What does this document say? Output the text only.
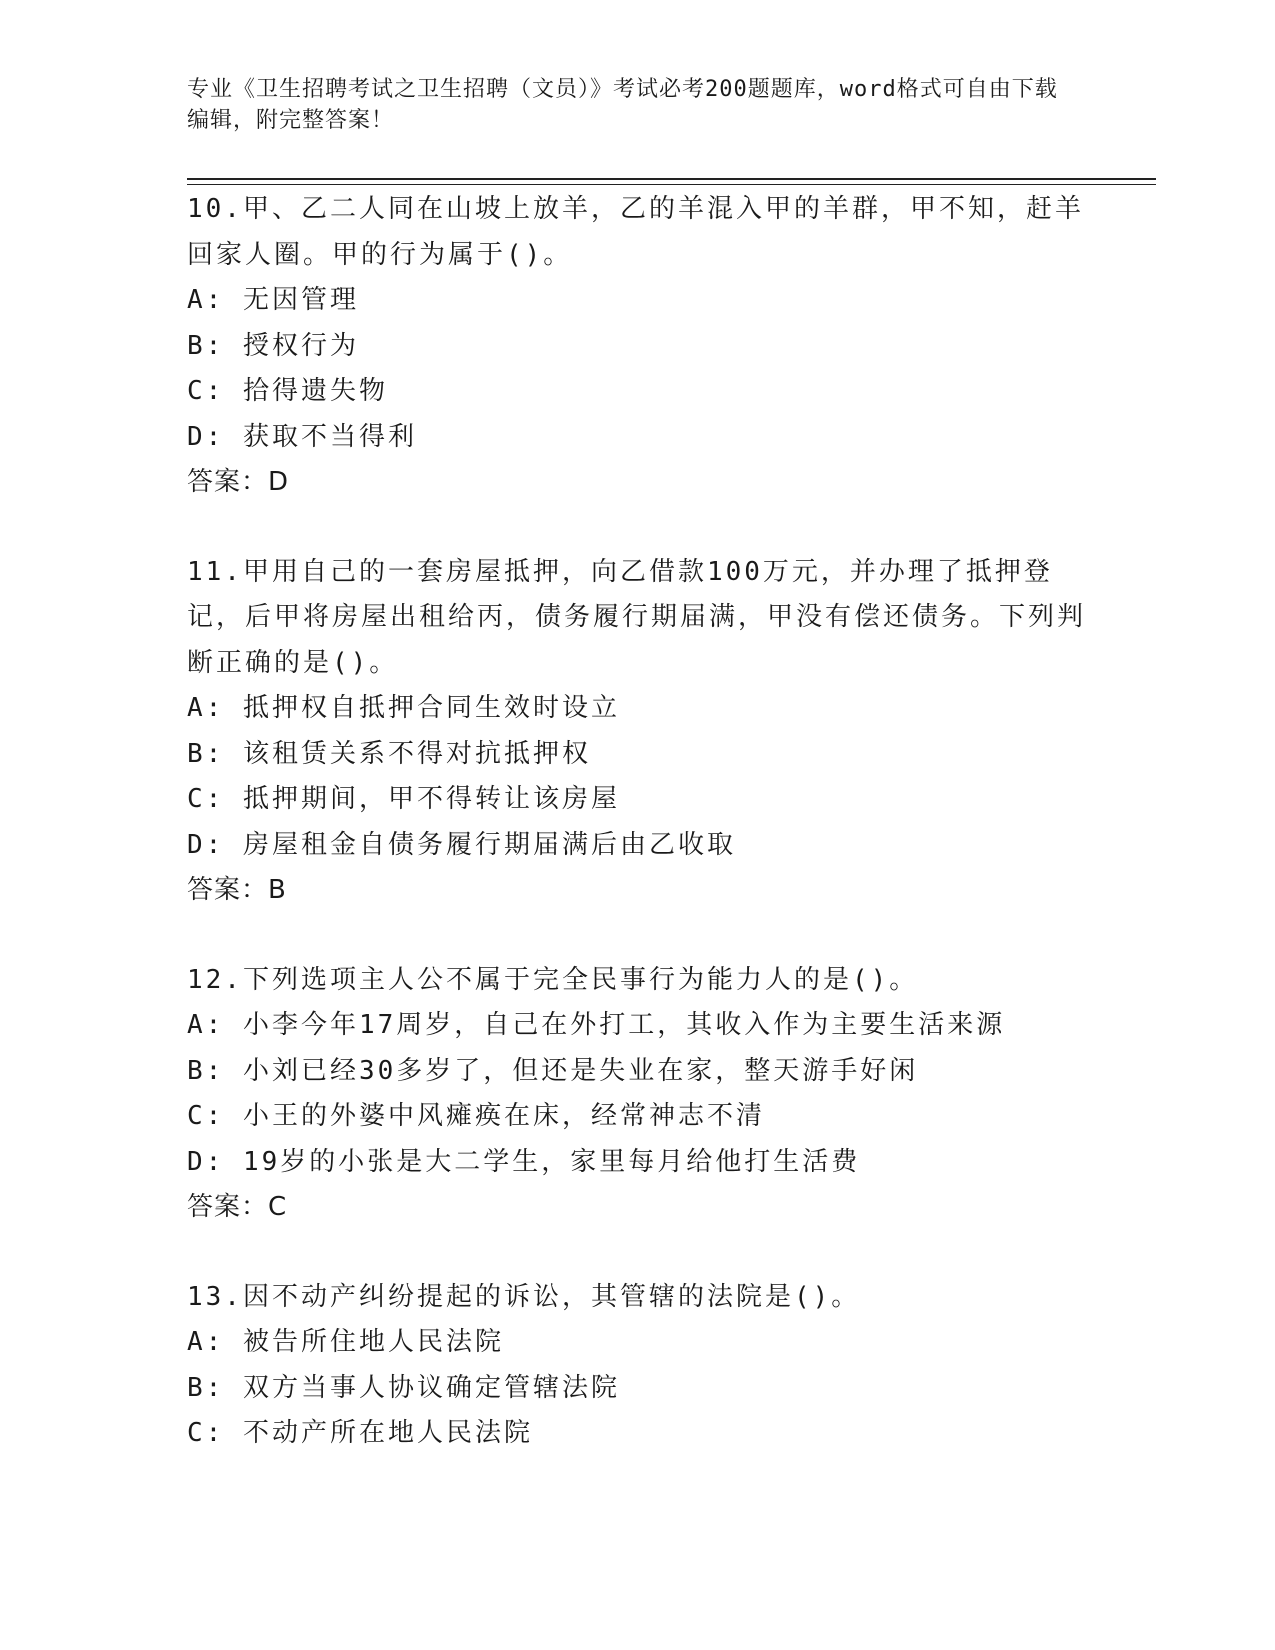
专业《卫生招聘考试之卫生招聘（文员）》考试必考200题题库，word格式可自由下载编辑，附完整答案！

10.甲、乙二人同在山坡上放羊，乙的羊混入甲的羊群，甲不知，赶羊回家人圈。甲的行为属于()。

A: 无因管理

B: 授权行为

C: 拾得遗失物

D: 获取不当得利

答案：D

11.甲用自己的一套房屋抵押，向乙借款100万元，并办理了抵押登记，后甲将房屋出租给丙，债务履行期届满，甲没有偿还债务。下列判断正确的是()。

A: 抵押权自抵押合同生效时设立

B: 该租赁关系不得对抗抵押权

C: 抵押期间，甲不得转让该房屋

D: 房屋租金自债务履行期届满后由乙收取

答案：B

12.下列选项主人公不属于完全民事行为能力人的是()。

A: 小李今年17周岁，自己在外打工，其收入作为主要生活来源

B: 小刘已经30多岁了，但还是失业在家，整天游手好闲

C: 小王的外婆中风瘫痪在床，经常神志不清

D: 19岁的小张是大二学生，家里每月给他打生活费

答案：C

13.因不动产纠纷提起的诉讼，其管辖的法院是()。

A: 被告所住地人民法院

B: 双方当事人协议确定管辖法院

C: 不动产所在地人民法院
